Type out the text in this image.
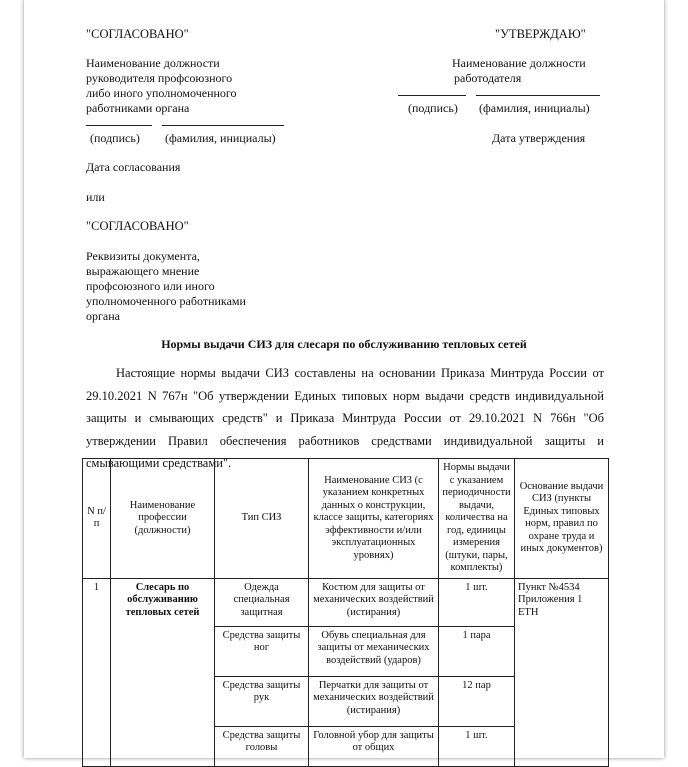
"СОГЛАСОВАНО"	"УТВЕРЖДАЮ"
Наименование должности
руководителя профсоюзного
либо иного уполномоченного
работниками органа
Наименование должности
работодателя
(подпись) (фамилия, инициалы)
(подпись) (фамилия, инициалы)	Дата утверждения
Дата согласования
или
"СОГЛАСОВАНО"
Реквизиты документа,
выражающего мнение
профсоюзного или иного
уполномоченного работниками
органа
Нормы выдачи СИЗ для слесаря по обслуживанию тепловых сетей
Настоящие нормы выдачи СИЗ составлены на основании Приказа Минтруда России от 29.10.2021 N 767н "Об утверждении Единых типовых норм выдачи средств индивидуальной защиты и смывающих средств" и Приказа Минтруда России от 29.10.2021 N 766н "Об утверждении Правил обеспечения работников средствами индивидуальной защиты и смывающими средствами".
N п/п	Наименование профессии (должности)	Тип СИЗ	Наименование СИЗ (с указанием конкретных данных о конструкции, классе защиты, категориях эффективности и/или эксплуатационных уровнях)	Нормы выдачи с указанием периодичности выдачи, количества на год, единицы измерения (штуки, пары, комплекты)	Основание выдачи СИЗ (пункты Единых типовых норм, правил по охране труда и иных документов)
1	Слесарь по обслуживанию тепловых сетей	Одежда специальная защитная	Костюм для защиты от механических воздействий (истирания)	1 шт.	Пункт №4534 Приложения 1 ЕТН
		Средства защиты ног	Обувь специальная для защиты от механических воздействий (ударов)	1 пара	
		Средства защиты рук	Перчатки для защиты от механических воздействий (истирания)	12 пар	
		Средства защиты головы	Головной убор для защиты от общих	1 шт.	
